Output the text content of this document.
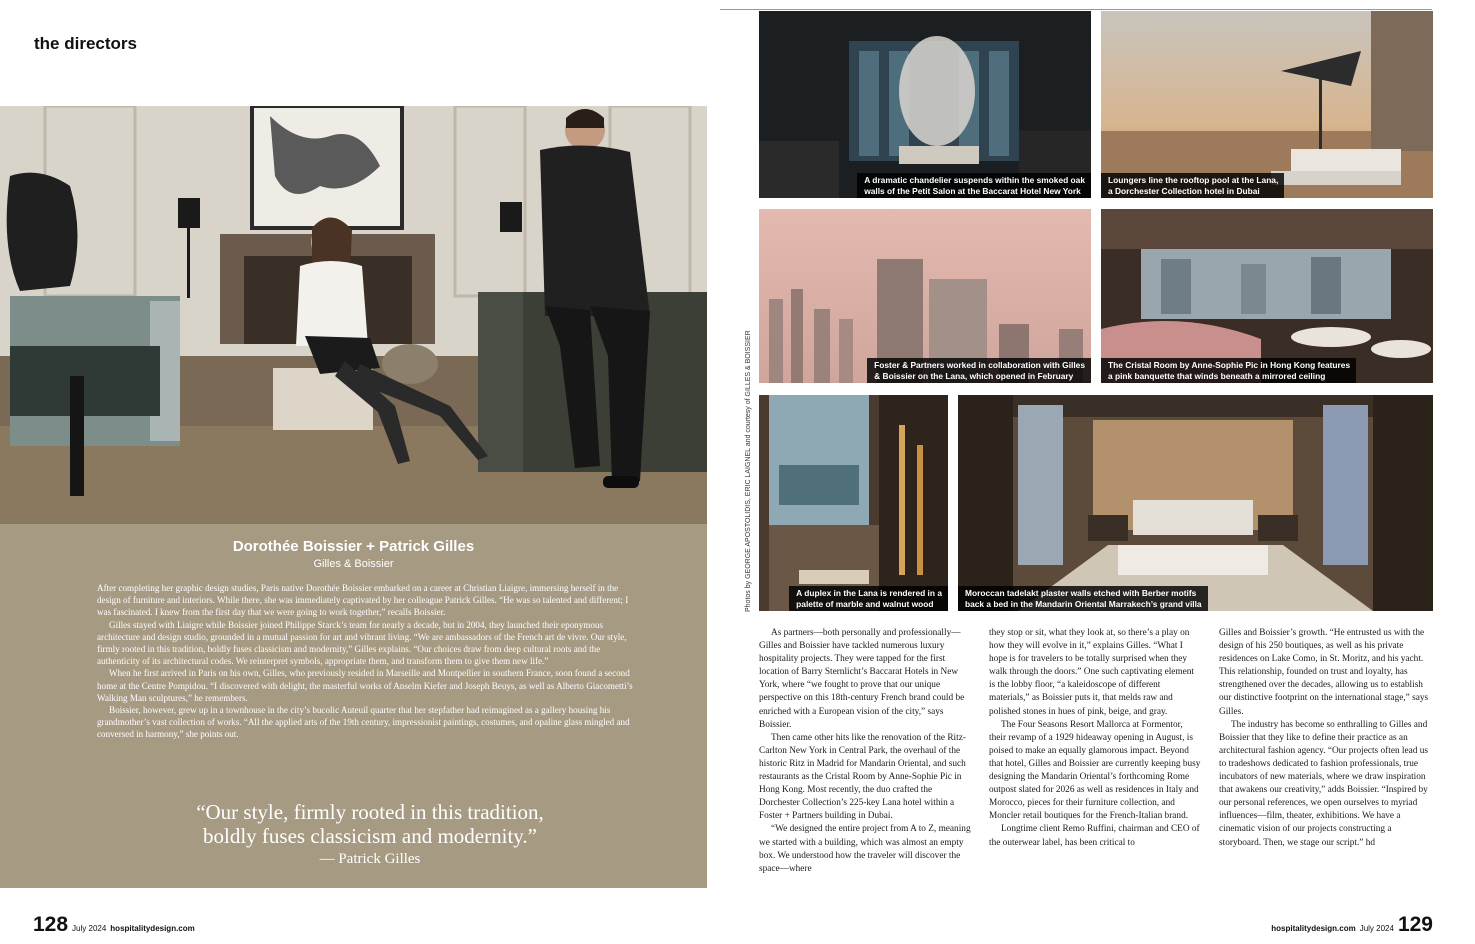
the directors
Dorothée Boissier + Patrick Gilles
Gilles & Boissier

After completing her graphic design studies, Paris native Dorothée Boissier embarked on a career at Christian Liaigre, immersing herself in the design of furniture and interiors. While there, she was immediately captivated by her colleague Patrick Gilles. “He was so talented and different; I was fascinated. I knew from the first day that we were going to work together,” recalls Boissier.

Gilles stayed with Liaigre while Boissier joined Philippe Starck’s team for nearly a decade, but in 2004, they launched their eponymous architecture and design studio, grounded in a mutual passion for art and vibrant living. “We are ambassadors of the French art de vivre. Our style, firmly rooted in this tradition, boldly fuses classicism and modernity,” Gilles explains. “Our choices draw from deep cultural roots and the authenticity of its architectural codes. We reinterpret symbols, appropriate them, and transform them to give them new life.”

When he first arrived in Paris on his own, Gilles, who previously resided in Marseille and Montpellier in southern France, soon found a second home at the Centre Pompidou. “I discovered with delight, the masterful works of Anselm Kiefer and Joseph Beuys, as well as Alberto Giacometti’s Walking Man sculptures,” he remembers.

Boissier, however, grew up in a townhouse in the city’s bucolic Auteuil quarter that her stepfather had reimagined as a gallery housing his grandmother’s vast collection of works. “All the applied arts of the 19th century, impressionist paintings, costumes, and opaline glass mingled and conversed in harmony,” she points out.

“Our style, firmly rooted in this tradition,
boldly fuses classicism and modernity.”
— Patrick Gilles
128 July 2024 hospitalitydesign.com
A dramatic chandelier suspends within the smoked oak
walls of the Petit Salon at the Baccarat Hotel New York
Loungers line the rooftop pool at the Lana,
a Dorchester Collection hotel in Dubai
Foster & Partners worked in collaboration with Gilles
& Boissier on the Lana, which opened in February
The Cristal Room by Anne-Sophie Pic in Hong Kong features
a pink banquette that winds beneath a mirrored ceiling
A duplex in the Lana is rendered in a
palette of marble and walnut wood
Moroccan tadelakt plaster walls etched with Berber motifs
back a bed in the Mandarin Oriental Marrakech’s grand villa
Photos by GEORGE APOSTOLIDIS, ERIC LAIGNEL and courtesy of GILLES & BOISSIER

As partners—both personally and professionally—Gilles and Boissier have tackled numerous luxury hospitality projects. They were tapped for the first location of Barry Sternlicht’s Baccarat Hotels in New York, where “we fought to prove that our unique perspective on this 18th-century French brand could be enriched with a European vision of the city,” says Boissier.

Then came other hits like the renovation of the Ritz-Carlton New York in Central Park, the overhaul of the historic Ritz in Madrid for Mandarin Oriental, and such restaurants as the Cristal Room by Anne-Sophie Pic in Hong Kong. Most recently, the duo crafted the Dorchester Collection’s 225-key Lana hotel within a Foster + Partners building in Dubai.

“We designed the entire project from A to Z, meaning we started with a building, which was almost an empty box. We understood how the traveler will discover the space—where

they stop or sit, what they look at, so there’s a play on how they will evolve in it,” explains Gilles. “What I hope is for travelers to be totally surprised when they walk through the doors.” One such captivating element is the lobby floor, “a kaleidoscope of different materials,” as Boissier puts it, that melds raw and polished stones in hues of pink, beige, and gray.

The Four Seasons Resort Mallorca at Formentor, their revamp of a 1929 hideaway opening in August, is poised to make an equally glamorous impact. Beyond that hotel, Gilles and Boissier are currently keeping busy designing the Mandarin Oriental’s forthcoming Rome outpost slated for 2026 as well as residences in Italy and Morocco, pieces for their furniture collection, and Moncler retail boutiques for the French-Italian brand.

Longtime client Remo Ruffini, chairman and CEO of the outerwear label, has been critical to

Gilles and Boissier’s growth. “He entrusted us with the design of his 250 boutiques, as well as his private residences on Lake Como, in St. Moritz, and his yacht. This relationship, founded on trust and loyalty, has strengthened over the decades, allowing us to establish our distinctive footprint on the international stage,” says Gilles.

The industry has become so enthralling to Gilles and Boissier that they like to define their practice as an architectural fashion agency. “Our projects often lead us to tradeshows dedicated to fashion professionals, true incubators of new materials, where we draw inspiration that awakens our creativity,” adds Boissier. “Inspired by our personal references, we open ourselves to myriad influences—film, theater, exhibitions. We have a cinematic vision of our projects constructing a storyboard. Then, we stage our script.” hd

hospitalitydesign.com July 2024 129
